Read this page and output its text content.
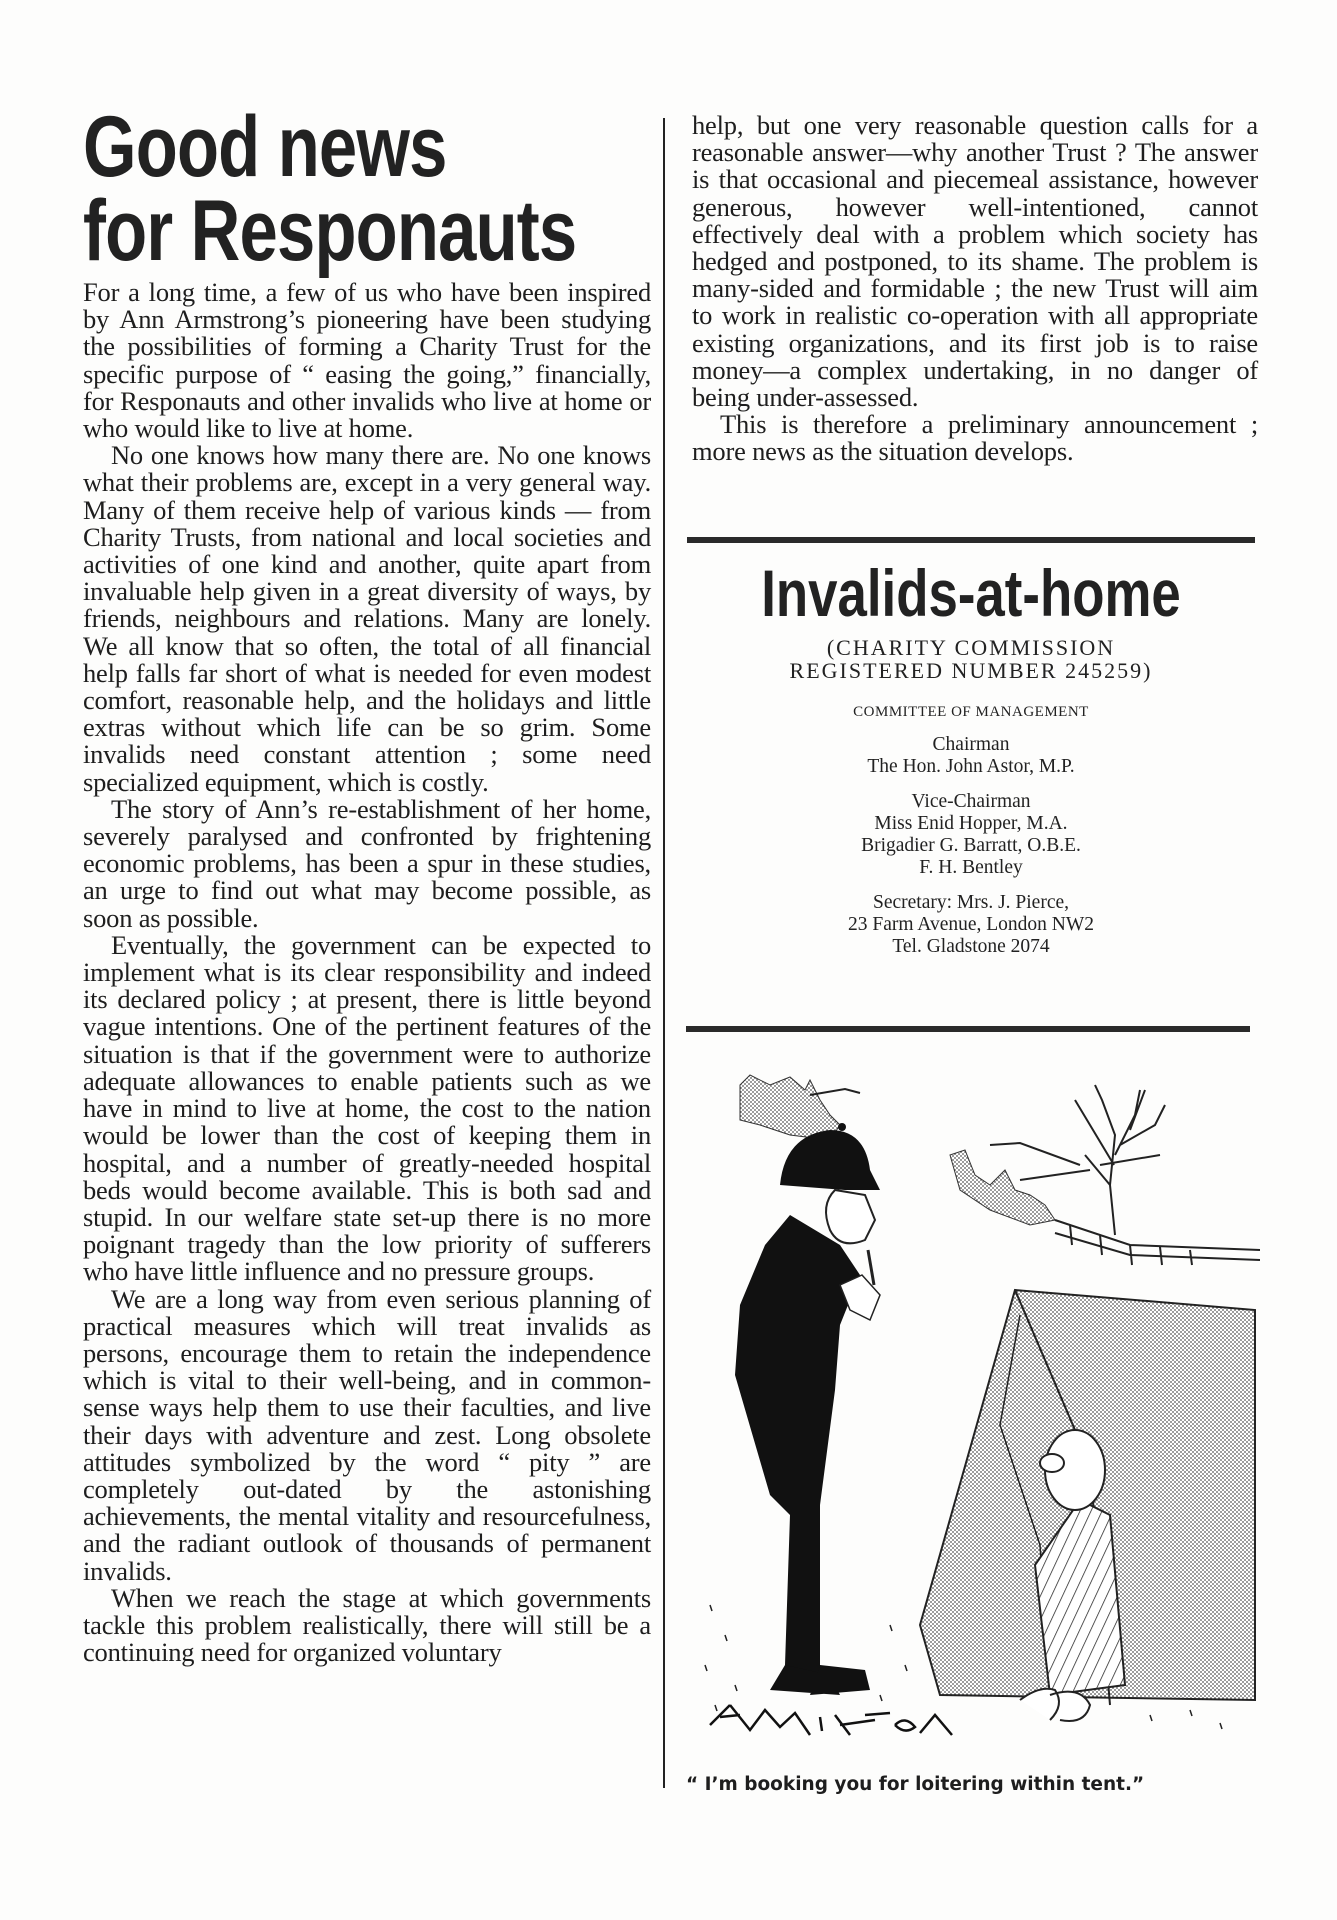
Good news
for Responauts

For a long time, a few of us who have been inspired by Ann Armstrong’s pioneering have been studying the possibilities of forming a Charity Trust for the specific purpose of “ easing the going,” financially, for Responauts and other invalids who live at home or who would like to live at home.

No one knows how many there are. No one knows what their problems are, except in a very general way. Many of them receive help of various kinds — from Charity Trusts, from national and local societies and activities of one kind and another, quite apart from invaluable help given in a great diversity of ways, by friends, neighbours and relations. Many are lonely. We all know that so often, the total of all financial help falls far short of what is needed for even modest comfort, reasonable help, and the holidays and little extras without which life can be so grim. Some invalids need constant attention ; some need specialized equipment, which is costly.

The story of Ann’s re-establishment of her home, severely paralysed and confronted by frightening economic problems, has been a spur in these studies, an urge to find out what may become possible, as soon as possible.

Eventually, the government can be expected to implement what is its clear responsibility and indeed its declared policy ; at present, there is little beyond vague intentions. One of the pertinent features of the situation is that if the government were to authorize adequate allowances to enable patients such as we have in mind to live at home, the cost to the nation would be lower than the cost of keeping them in hospital, and a number of greatly-needed hospital beds would become available. This is both sad and stupid. In our welfare state set-up there is no more poignant tragedy than the low priority of sufferers who have little influence and no pressure groups.

We are a long way from even serious planning of practical measures which will treat invalids as persons, encourage them to retain the independence which is vital to their well-being, and in common-sense ways help them to use their faculties, and live their days with adventure and zest. Long obsolete attitudes symbolized by the word “ pity ” are completely out-dated by the astonishing achievements, the mental vitality and resourcefulness, and the radiant outlook of thousands of permanent invalids.

When we reach the stage at which governments tackle this problem realistically, there will still be a continuing need for organized voluntary

help, but one very reasonable question calls for a reasonable answer—why another Trust ? The answer is that occasional and piecemeal assistance, however generous, however well-intentioned, cannot effectively deal with a problem which society has hedged and postponed, to its shame. The problem is many-sided and formidable ; the new Trust will aim to work in realistic co-operation with all appropriate existing organizations, and its first job is to raise money—a complex undertaking, in no danger of being under-assessed.

This is therefore a preliminary announcement ; more news as the situation develops.

Invalids-at-home
(CHARITY COMMISSION
REGISTERED NUMBER 245259)
COMMITTEE OF MANAGEMENT
Chairman
The Hon. John Astor, M.P.
Vice-Chairman
Miss Enid Hopper, M.A.
Brigadier G. Barratt, O.B.E.
F. H. Bentley
Secretary: Mrs. J. Pierce,
23 Farm Avenue, London NW2
Tel. Gladstone 2074
“ I’m booking you for loitering within tent.”
